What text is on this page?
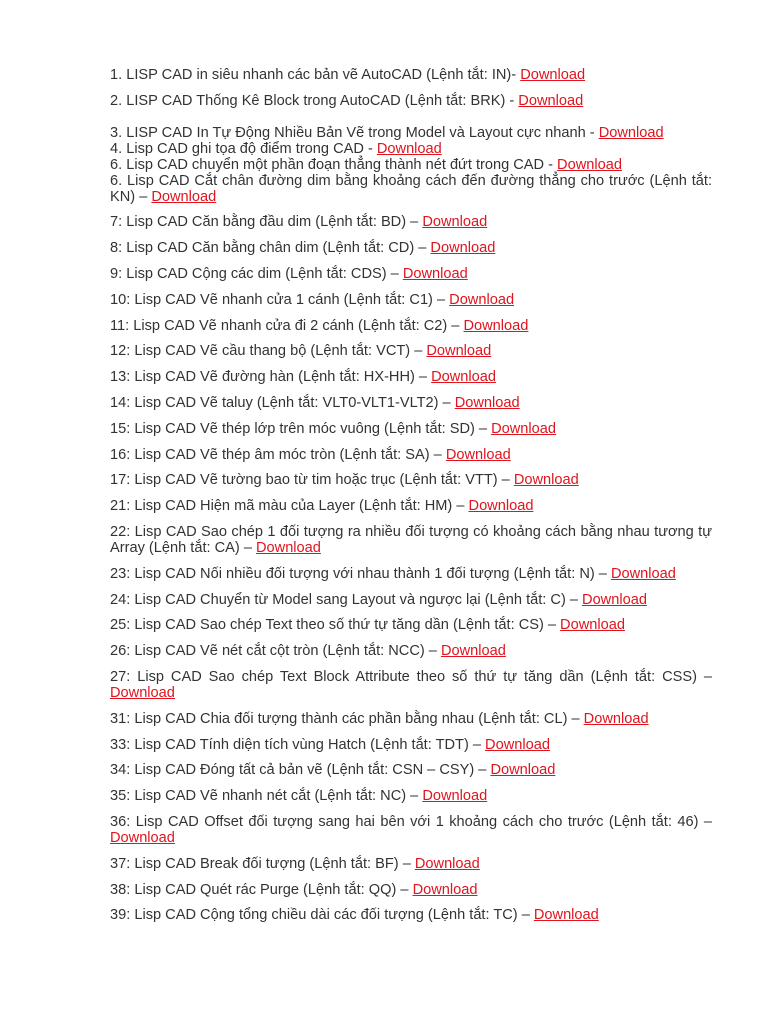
1. LISP CAD in siêu nhanh các bản vẽ AutoCAD (Lệnh tắt: IN)- Download

2. LISP CAD Thống Kê Block trong AutoCAD (Lệnh tắt: BRK) - Download

3. LISP CAD In Tự Động Nhiều Bản Vẽ trong Model và Layout cực nhanh - Download

4. Lisp CAD ghi tọa độ điểm trong CAD - Download

6. Lisp CAD chuyển một phần đoạn thẳng thành nét đứt trong CAD - Download

6. Lisp CAD Cắt chân đường dim bằng khoảng cách đến đường thẳng cho trước (Lệnh tắt: KN) – Download

7: Lisp CAD Căn bằng đầu dim (Lệnh tắt: BD) – Download

8: Lisp CAD Căn bằng chân dim (Lệnh tắt: CD) – Download

9: Lisp CAD Cộng các dim (Lệnh tắt: CDS) – Download

10: Lisp CAD Vẽ nhanh cửa 1 cánh (Lệnh tắt: C1) – Download

11: Lisp CAD Vẽ nhanh cửa đi 2 cánh (Lệnh tắt: C2) – Download

12: Lisp CAD Vẽ cầu thang bộ (Lệnh tắt: VCT) – Download

13: Lisp CAD Vẽ đường hàn (Lệnh tắt: HX-HH) – Download

14: Lisp CAD Vẽ taluy (Lệnh tắt: VLT0-VLT1-VLT2) – Download

15: Lisp CAD Vẽ thép lớp trên móc vuông (Lệnh tắt: SD) – Download

16: Lisp CAD Vẽ thép âm móc tròn (Lệnh tắt: SA) – Download

17: Lisp CAD Vẽ tường bao từ tim hoặc trục (Lệnh tắt: VTT) – Download

21: Lisp CAD Hiện mã màu của Layer (Lệnh tắt: HM) – Download

22: Lisp CAD Sao chép 1 đối tượng ra nhiều đối tượng có khoảng cách bằng nhau tương tự Array (Lệnh tắt: CA) – Download

23: Lisp CAD Nối nhiều đối tượng với nhau thành 1 đối tượng (Lệnh tắt: N) – Download

24: Lisp CAD Chuyển từ Model sang Layout và ngược lại (Lệnh tắt: C) – Download

25: Lisp CAD Sao chép Text theo số thứ tự tăng dần (Lệnh tắt: CS) – Download

26: Lisp CAD Vẽ nét cắt cột tròn (Lệnh tắt: NCC) – Download

27: Lisp CAD Sao chép Text Block Attribute theo số thứ tự tăng dần (Lệnh tắt: CSS) – Download

31: Lisp CAD Chia đối tượng thành các phần bằng nhau (Lệnh tắt: CL) – Download

33: Lisp CAD Tính diện tích vùng Hatch (Lệnh tắt: TDT) – Download

34: Lisp CAD Đóng tất cả bản vẽ (Lệnh tắt: CSN – CSY) – Download

35: Lisp CAD Vẽ nhanh nét cắt (Lệnh tắt: NC) – Download

36: Lisp CAD Offset đối tượng sang hai bên với 1 khoảng cách cho trước (Lệnh tắt: 46) – Download

37: Lisp CAD Break đối tượng (Lệnh tắt: BF) – Download

38: Lisp CAD Quét rác Purge (Lệnh tắt: QQ) – Download

39: Lisp CAD Cộng tổng chiều dài các đối tượng (Lệnh tắt: TC) – Download
